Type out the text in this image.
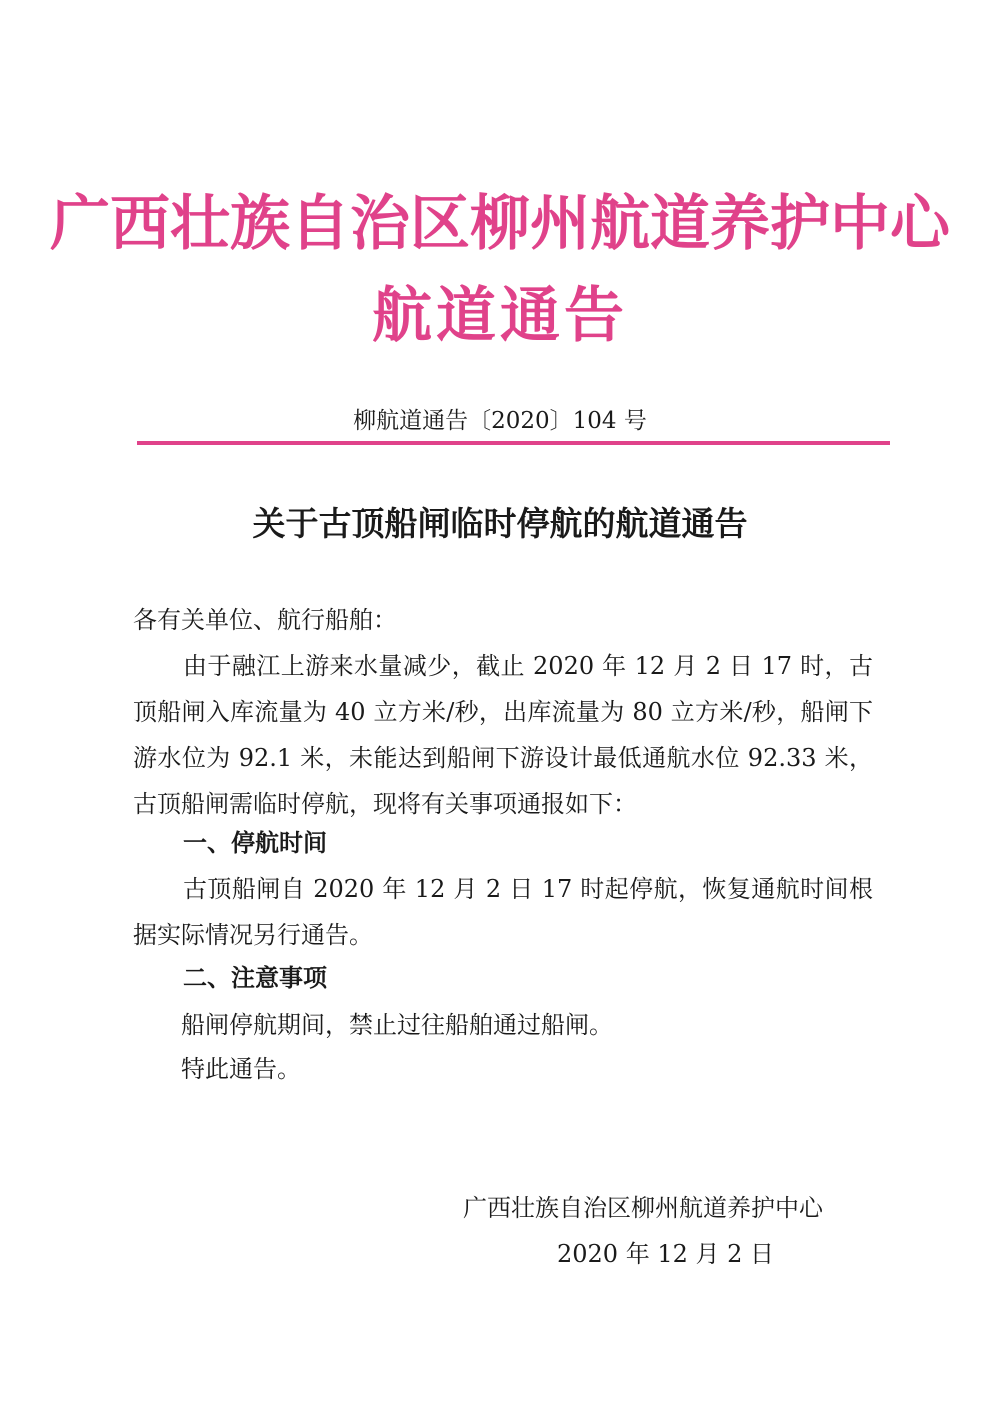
广西壮族自治区柳州航道养护中心
航道通告
柳航道通告〔2020〕104 号
关于古顶船闸临时停航的航道通告
各有关单位、航行船舶：
由于融江上游来水量减少，截止 2020 年 12 月 2 日 17 时，古顶船闸入库流量为 40 立方米/秒，出库流量为 80 立方米/秒，船闸下游水位为 92.1 米，未能达到船闸下游设计最低通航水位 92.33 米，古顶船闸需临时停航，现将有关事项通报如下：
一、停航时间
古顶船闸自 2020 年 12 月 2 日 17 时起停航，恢复通航时间根据实际情况另行通告。
二、注意事项
船闸停航期间，禁止过往船舶通过船闸。
特此通告。
广西壮族自治区柳州航道养护中心
2020 年 12 月 2 日
